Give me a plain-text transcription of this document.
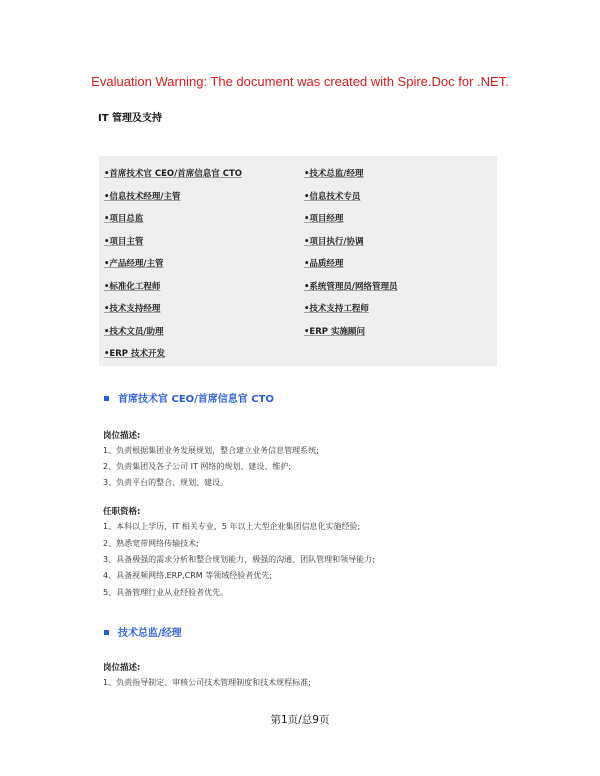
Evaluation Warning: The document was created with Spire.Doc for .NET.
IT 管理及支持
•首席技术官 CEO/首席信息官 CTO
•信息技术经理/主管
•项目总监
•项目主管
•产品经理/主管
•标准化工程师
•技术支持经理
•技术文员/助理
•ERP 技术开发
•技术总监/经理
•信息技术专员
•项目经理
•项目执行/协调
•品质经理
•系统管理员/网络管理员
•技术支持工程师
•ERP 实施顾问
首席技术官 CEO/首席信息官 CTO
岗位描述:
1、负责根据集团业务发展规划，整合建立业务信息管理系统;
2、负责集团及各子公司 IT 网络的规划、建设、维护;
3、负责平台的整合、规划、建设。
任职资格:
1、本科以上学历，IT 相关专业，5 年以上大型企业集团信息化实施经验;
2、熟悉宽带网络传输技术;
3、具备极强的需求分析和整合规划能力，极强的沟通、团队管理和领导能力;
4、具备视频网络,ERP,CRM 等领域经验者优先;
5、具备管理行业从业经验者优先。
技术总监/经理
岗位描述:
1、负责指导制定、审核公司技术管理制度和技术规程标准;
第1页/总9页
